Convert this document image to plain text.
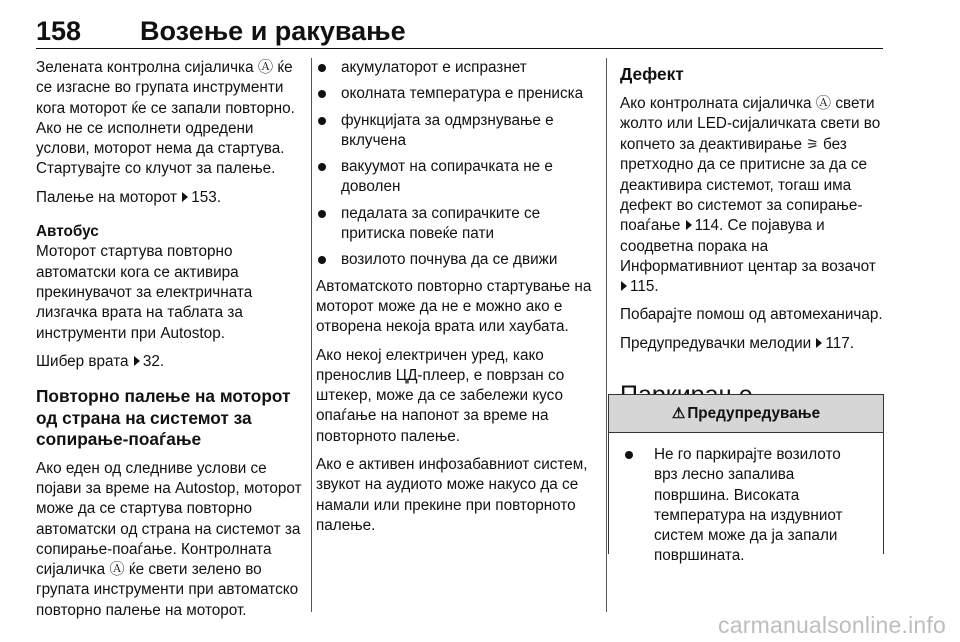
158 Возење и ракување

Зелената контролна сијаличка Ⓐ ќе се изгасне во групата инструменти кога моторот ќе се запали повторно. Ако не се исполнети одредени услови, моторот нема да стартува. Стартувајте со клучот за палење.

Палење на моторот 153.

Автобус

Моторот стартува повторно автоматски кога се активира прекинувачот за електричната лизгачка врата на таблата за инструменти при Autostop.

Шибер врата 32.

Повторно палење на моторот од страна на системот за сопирање-поаѓање

Ако еден од следниве услови се појави за време на Autostop, моторот може да се стартува повторно автоматски од страна на системот за сопирање-поаѓање. Контролната сијаличка Ⓐ ќе свети зелено во групата инструменти при автоматско повторно палење на моторот.

акумулаторот е испразнет
околната температура е прениска
функцијата за одмрзнување е вклучена
вакуумот на сопирачката не е доволен
педалата за сопирачките се притиска повеќе пати
возилото почнува да се движи

Автоматското повторно стартување на моторот може да не е можно ако е отворена некоја врата или хаубата.

Ако некој електричен уред, како пренослив ЦД-плеер, е поврзан со штекер, може да се забележи кусо опаѓање на напонот за време на повторното палење.

Ако е активен инфозабавниот систем, звукот на аудиото може накусо да се намали или прекине при повторното палење.

Дефект

Ако контролната сијаличка Ⓐ свети жолто или LED-сијаличката свети во копчето за деактивирање ⚞ без претходно да се притисне за да се деактивира системот, тогаш има дефект во системот за сопирање-поаѓање 114. Се појавува и соодветна порака на Информативниот центар за возачот 115.

Побарајте помош од автомеханичар.

Предупредувачки мелодии 117.

⚠ Предупредување
Не го паркирајте возилото врз лесно запалива површина. Високата температура на издувниот систем може да ја запали површината.
carmanualsonline.info
